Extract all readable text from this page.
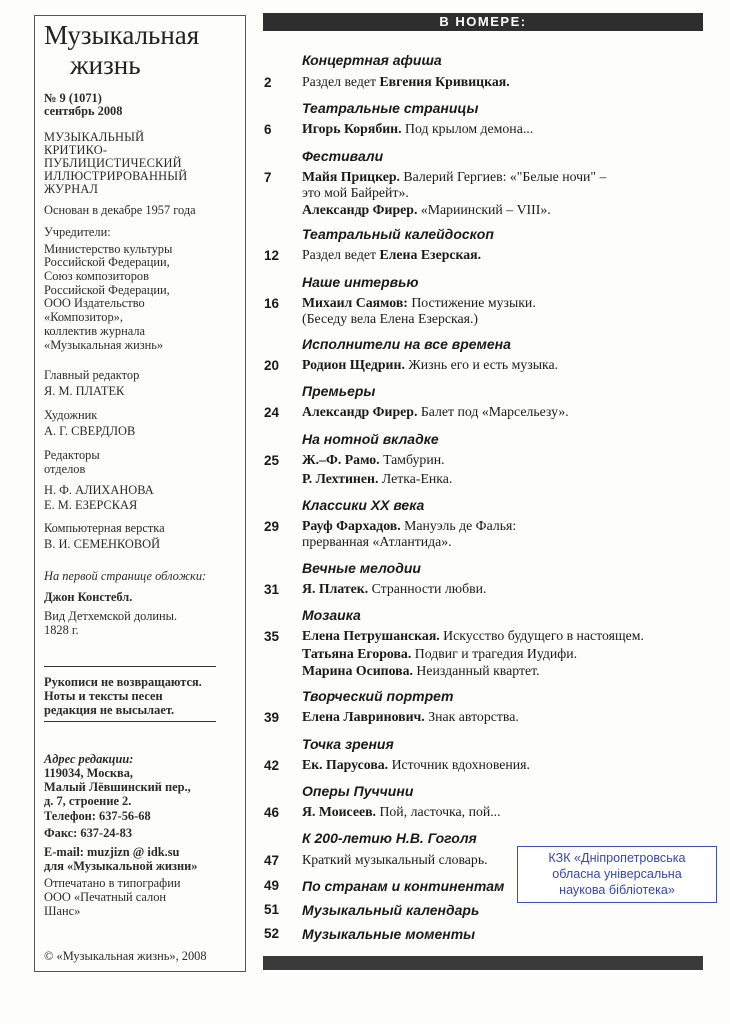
Музыкальная
жизнь
№ 9 (1071)
сентябрь 2008
МУЗЫКАЛЬНЫЙ
КРИТИКО-
ПУБЛИЦИСТИЧЕСКИЙ
ИЛЛЮСТРИРОВАННЫЙ
ЖУРНАЛ
Основан в декабре 1957 года
Учредители:
Министерство культуры
Российской Федерации,
Союз композиторов
Российской Федерации,
ООО Издательство
«Композитор»,
коллектив журнала
«Музыкальная жизнь»
Главный редактор
Я. М. ПЛАТЕК
Художник
А. Г. СВЕРДЛОВ
Редакторы
отделов
Н. Ф. АЛИХАНОВА
Е. М. ЕЗЕРСКАЯ
Компьютерная верстка
В. И. СЕМЕНКОВОЙ
На первой странице обложки:
Джон Констебл.
Вид Детхемской долины.
1828 г.
Рукописи не возвращаются.
Ноты и тексты песен
редакция не высылает.
Адрес редакции:
119034, Москва,
Малый Лёвшинский пер.,
д. 7, строение 2.
Телефон: 637-56-68
Факс: 637-24-83
E-mail: muzjizn @ idk.su
для «Музыкальной жизни»
Отпечатано в типографии
ООО «Печатный салон
Шанс»
© «Музыкальная жизнь», 2008
В НОМЕРЕ:
Концертная афиша
Театральные страницы
Фестивали
Театральный калейдоскоп
Наше интервью
Исполнители на все времена
Премьеры
На нотной вкладке
Классики XX века
Вечные мелодии
Мозаика
Творческий портрет
Точка зрения
Оперы Пуччини
К 200-летию Н.В. Гоголя
2	Раздел ведет Евгения Кривицкая.
6	Игорь Корябин. Под крылом демона...
7	Майя Прицкер. Валерий Гергиев: «"Белые ночи" –
это мой Байрейт».
Александр Фирер. «Мариинский – VIII».
12	Раздел ведет Елена Езерская.
16	Михаил Саямов: Постижение музыки.
(Беседу вела Елена Езерская.)
20	Родион Щедрин. Жизнь его и есть музыка.
24	Александр Фирер. Балет под «Марсельезу».
25	Ж.–Ф. Рамо. Тамбурин.
Р. Лехтинен. Летка-Енка.
29	Рауф Фархадов. Мануэль де Фалья:
прерванная «Атлантида».
31	Я. Платек. Странности любви.
35	Елена Петрушанская. Искусство будущего в настоящем.
Татьяна Егорова. Подвиг и трагедия Иудифи.
Марина Осипова. Неизданный квартет.
39	Елена Лавринович. Знак авторства.
42	Ек. Парусова. Источник вдохновения.
46	Я. Моисеев. Пой, ласточка, пой...
47	Краткий музыкальный словарь.
49	По странам и континентам
51	Музыкальный календарь
52	Музыкальные моменты
КЗК «Дніпропетровська
обласна універсальна
наукова бібліотека»
